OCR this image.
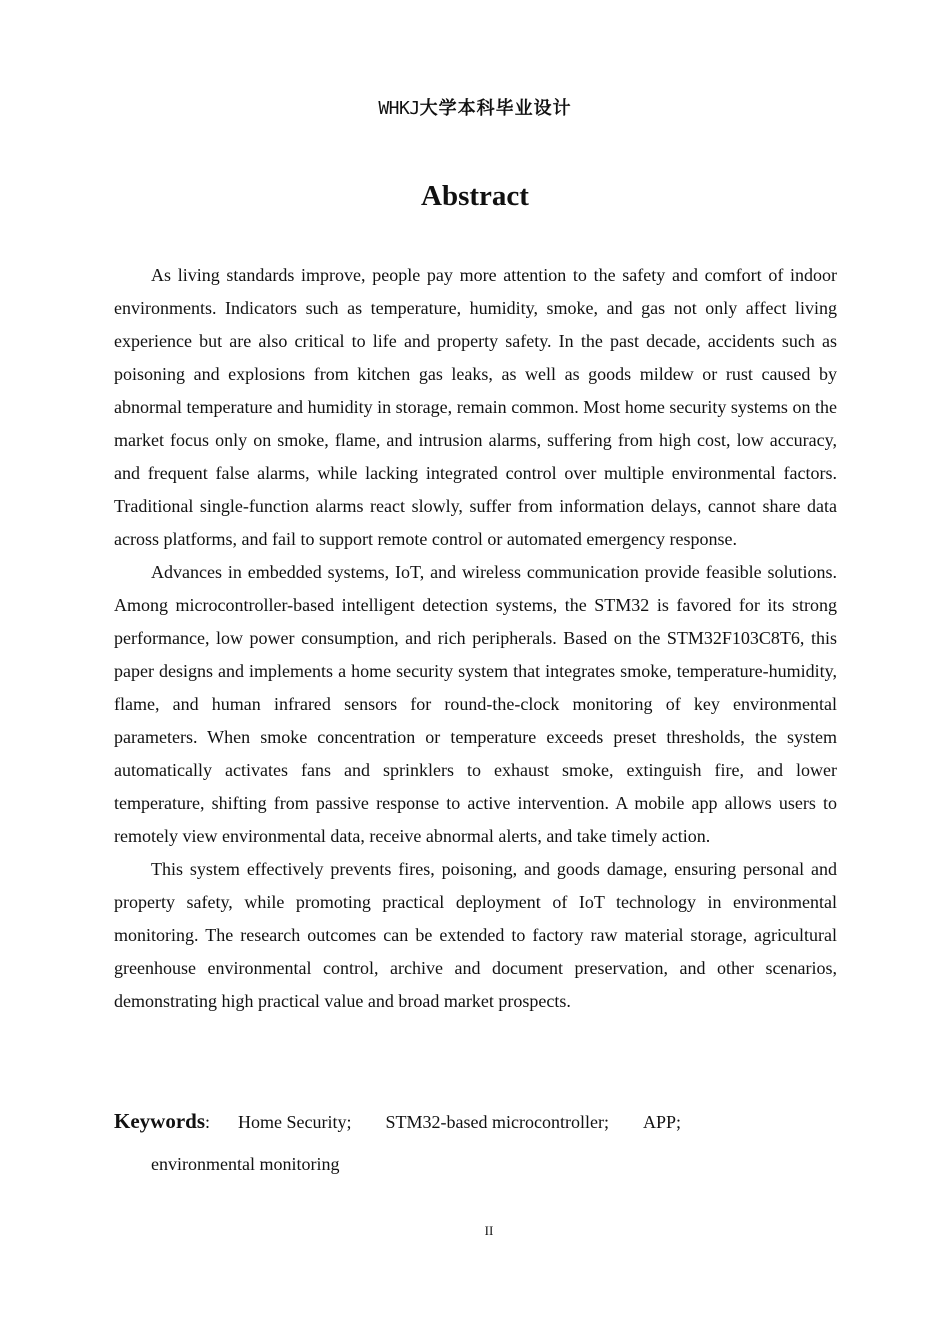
WHKJ大学本科毕业设计
Abstract

As living standards improve, people pay more attention to the safety and comfort of indoor environments. Indicators such as temperature, humidity, smoke, and gas not only affect living experience but are also critical to life and property safety. In the past decade, accidents such as poisoning and explosions from kitchen gas leaks, as well as goods mildew or rust caused by abnormal temperature and humidity in storage, remain common. Most home security systems on the market focus only on smoke, flame, and intrusion alarms, suffering from high cost, low accuracy, and frequent false alarms, while lacking integrated control over multiple environmental factors. Traditional single-function alarms react slowly, suffer from information delays, cannot share data across platforms, and fail to support remote control or automated emergency response.

Advances in embedded systems, IoT, and wireless communication provide feasible solutions. Among microcontroller-based intelligent detection systems, the STM32 is favored for its strong performance, low power consumption, and rich peripherals. Based on the STM32F103C8T6, this paper designs and implements a home security system that integrates smoke, temperature-humidity, flame, and human infrared sensors for round-the-clock monitoring of key environmental parameters. When smoke concentration or temperature exceeds preset thresholds, the system automatically activates fans and sprinklers to exhaust smoke, extinguish fire, and lower temperature, shifting from passive response to active intervention. A mobile app allows users to remotely view environmental data, receive abnormal alerts, and take timely action.

This system effectively prevents fires, poisoning, and goods damage, ensuring personal and property safety, while promoting practical deployment of IoT technology in environmental monitoring. The research outcomes can be extended to factory raw material storage, agricultural greenhouse environmental control, archive and document preservation, and other scenarios, demonstrating high practical value and broad market prospects.

Keywords: Home Security; STM32-based microcontroller; APP;
environmental monitoring
II
